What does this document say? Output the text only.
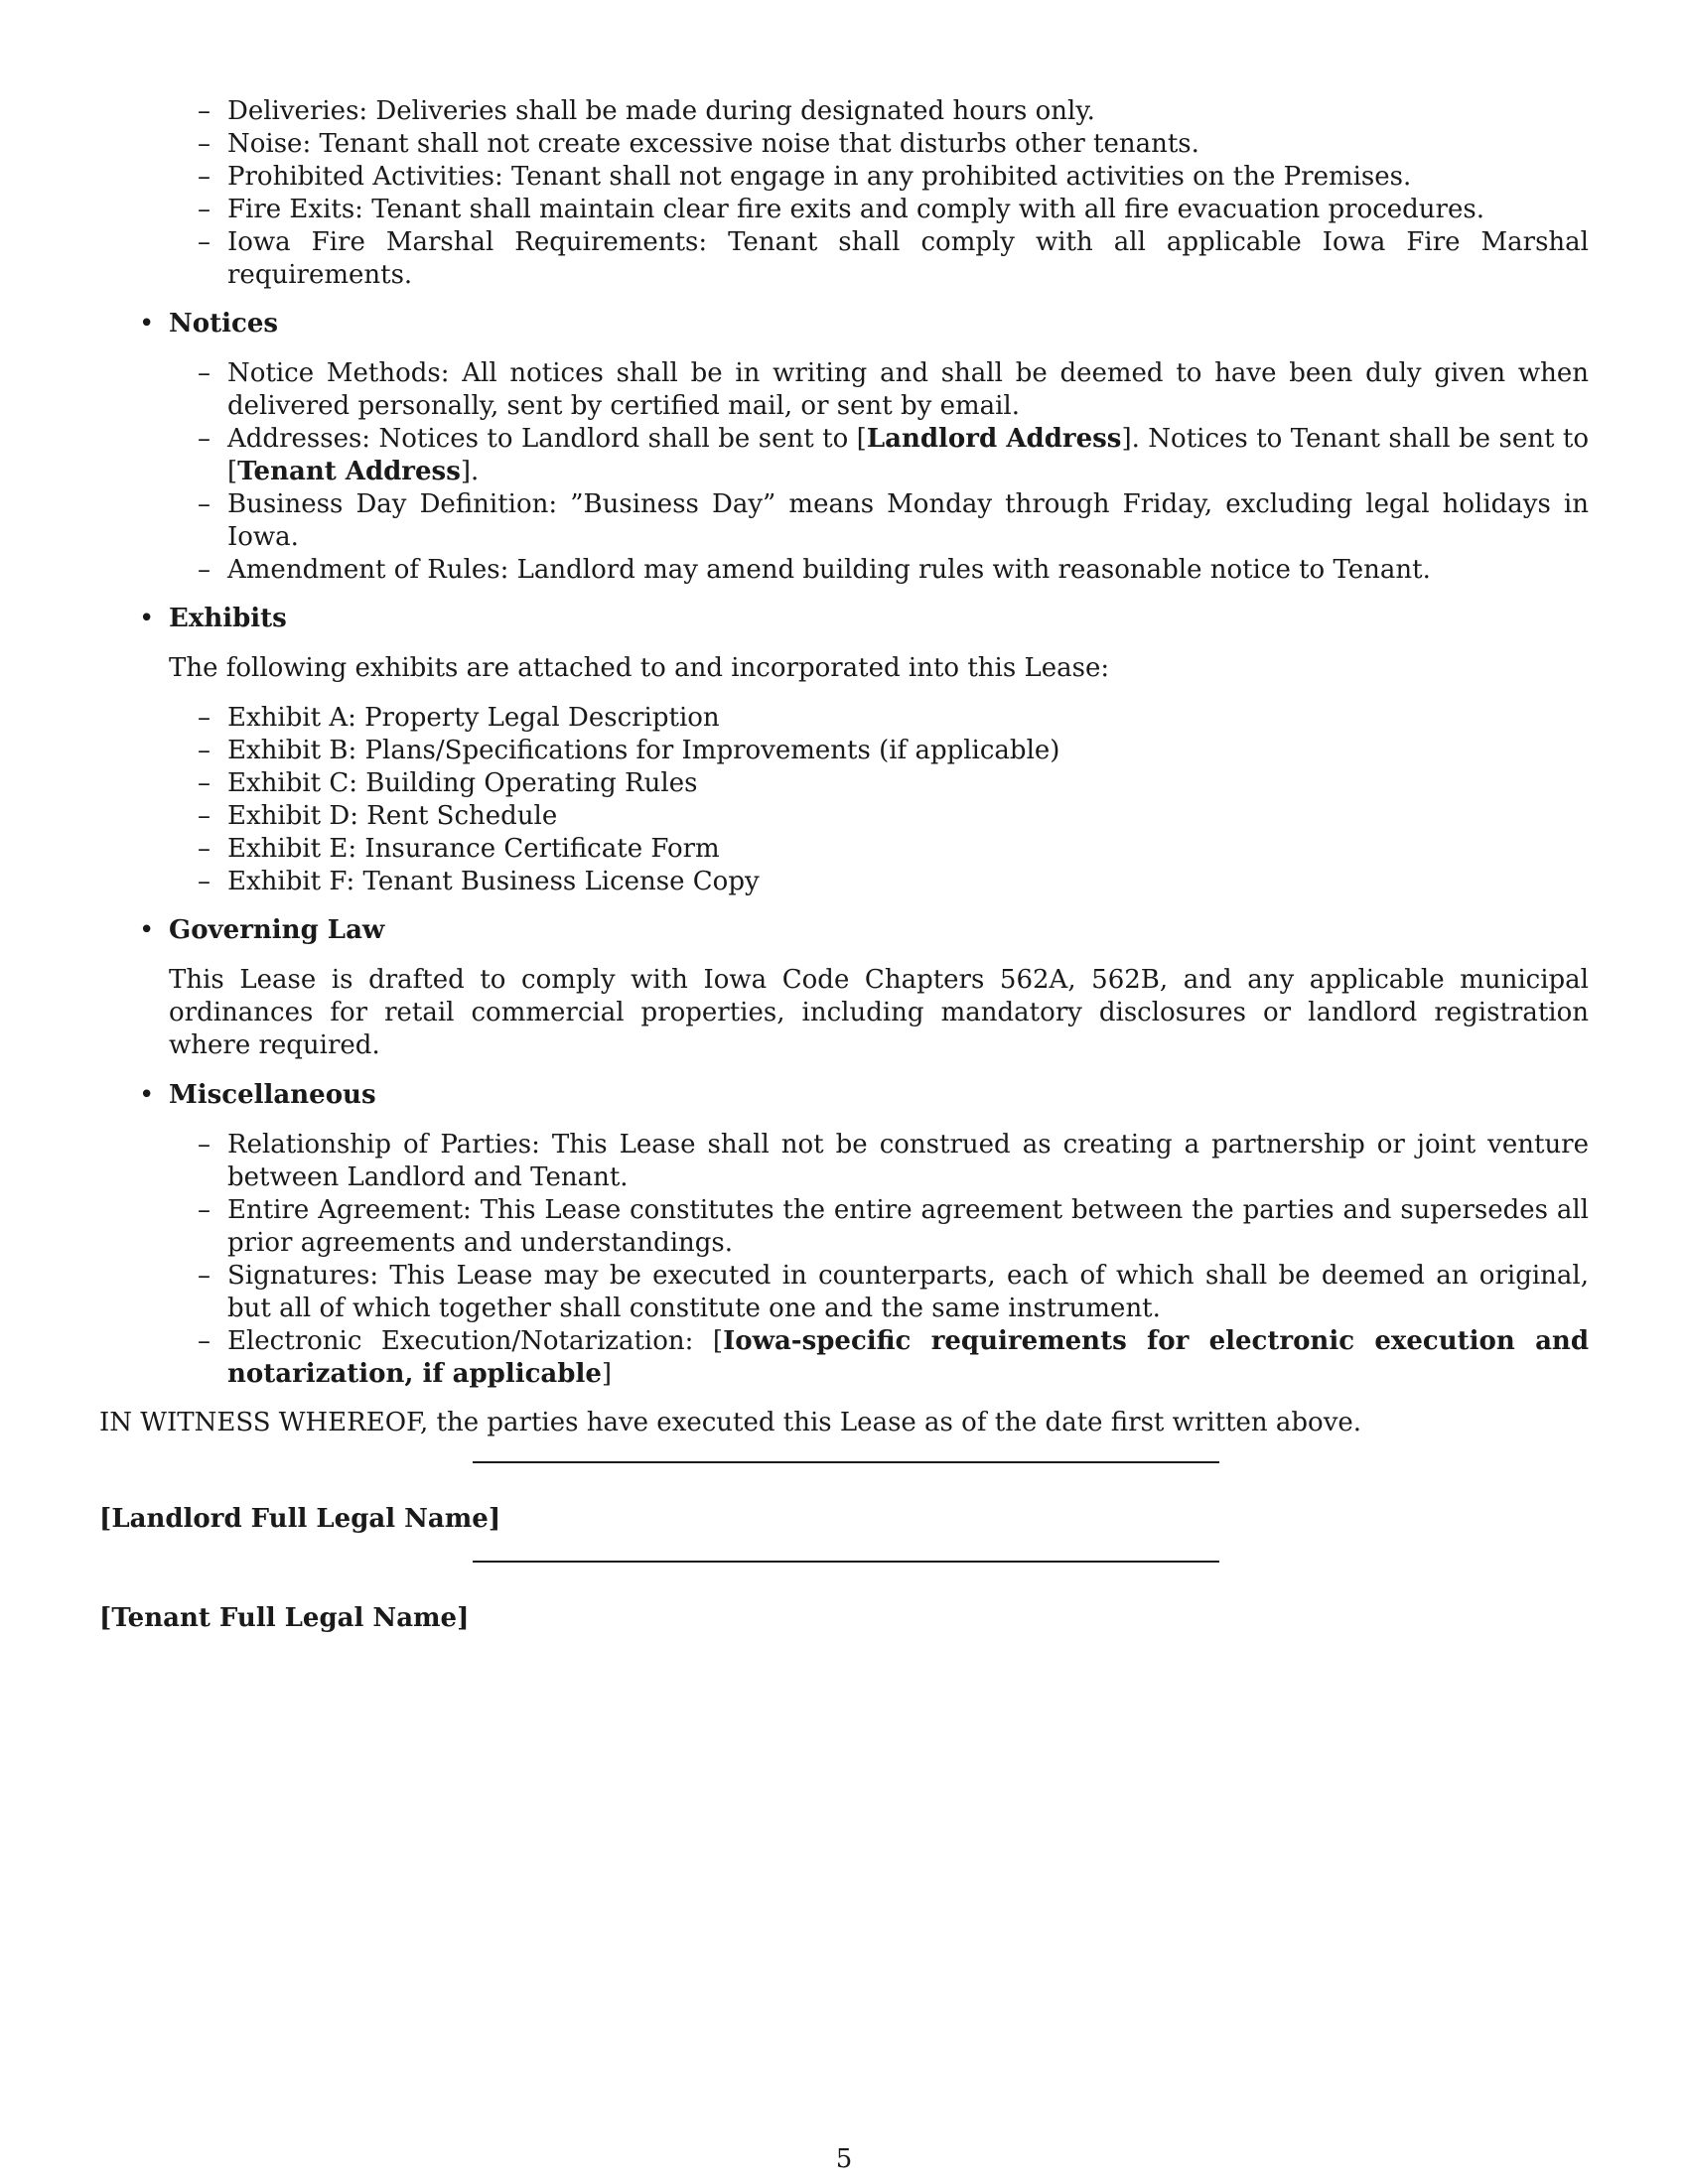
– Deliveries: Deliveries shall be made during designated hours only.
– Noise: Tenant shall not create excessive noise that disturbs other tenants.
– Prohibited Activities: Tenant shall not engage in any prohibited activities on the Premises.
– Fire Exits: Tenant shall maintain clear fire exits and comply with all fire evacuation procedures.
– Iowa Fire Marshal Requirements: Tenant shall comply with all applicable Iowa Fire Marshal requirements.
• Notices
– Notice Methods: All notices shall be in writing and shall be deemed to have been duly given when delivered personally, sent by certified mail, or sent by email.
– Addresses: Notices to Landlord shall be sent to [Landlord Address]. Notices to Tenant shall be sent to [Tenant Address].
– Business Day Definition: ”Business Day” means Monday through Friday, excluding legal holidays in Iowa.
– Amendment of Rules: Landlord may amend building rules with reasonable notice to Tenant.
• Exhibits
The following exhibits are attached to and incorporated into this Lease:
– Exhibit A: Property Legal Description
– Exhibit B: Plans/Specifications for Improvements (if applicable)
– Exhibit C: Building Operating Rules
– Exhibit D: Rent Schedule
– Exhibit E: Insurance Certificate Form
– Exhibit F: Tenant Business License Copy
• Governing Law
This Lease is drafted to comply with Iowa Code Chapters 562A, 562B, and any applicable municipal ordinances for retail commercial properties, including mandatory disclosures or landlord registration where required.
• Miscellaneous
– Relationship of Parties: This Lease shall not be construed as creating a partnership or joint venture between Landlord and Tenant.
– Entire Agreement: This Lease constitutes the entire agreement between the parties and supersedes all prior agreements and understandings.
– Signatures: This Lease may be executed in counterparts, each of which shall be deemed an original, but all of which together shall constitute one and the same instrument.
– Electronic Execution/Notarization: [Iowa-specific requirements for electronic execution and notarization, if applicable]
IN WITNESS WHEREOF, the parties have executed this Lease as of the date first written above.
[Landlord Full Legal Name]
[Tenant Full Legal Name]
5
